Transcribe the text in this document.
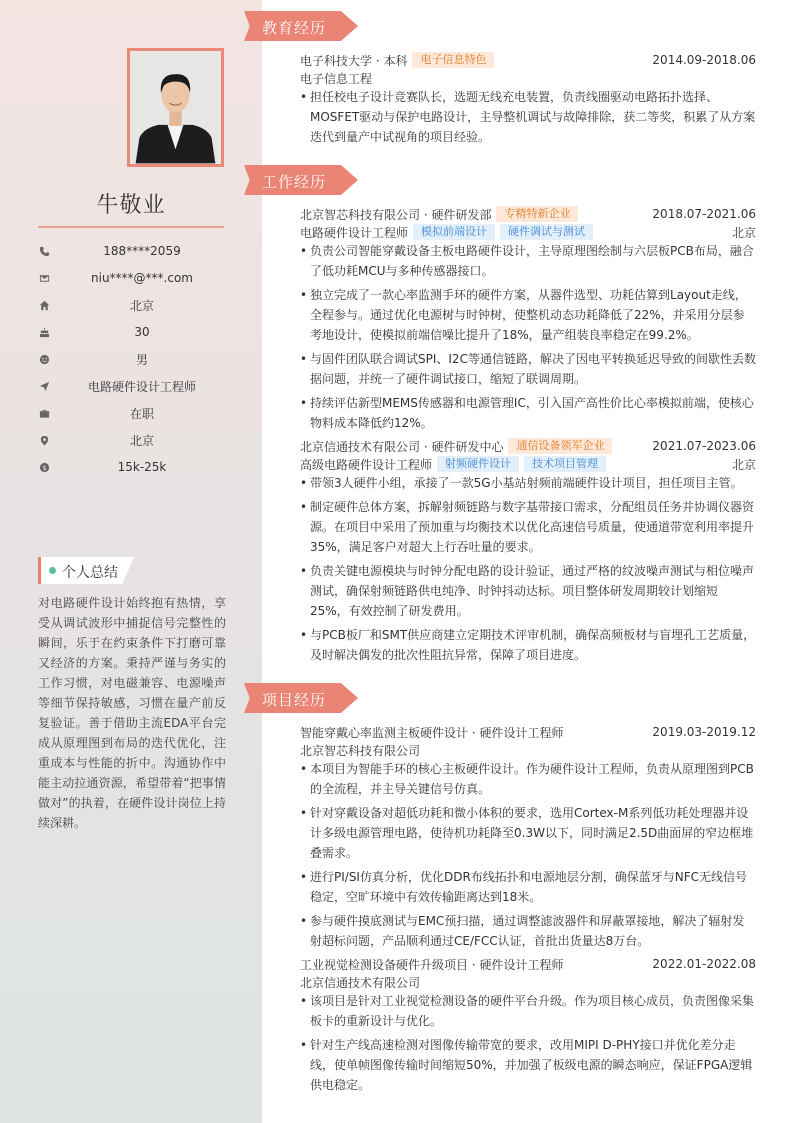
牛敬业
188****2059
niu****@***.com
北京
30
男
电路硬件设计工程师
在职
北京
$	15k-25k
个人总结
对电路硬件设计始终抱有热情，享受从调试波形中捕捉信号完整性的瞬间，乐于在约束条件下打磨可靠又经济的方案。秉持严谨与务实的工作习惯，对电磁兼容、电源噪声等细节保持敏感，习惯在量产前反复验证。善于借助主流EDA平台完成从原理图到布局的迭代优化，注重成本与性能的折中。沟通协作中能主动拉通资源，希望带着“把事情做对”的执着，在硬件设计岗位上持续深耕。
教育经历
电子科技大学 · 本科	电子信息特色	2014.09-2018.06
电子信息工程
• 担任校电子设计竞赛队长，选题无线充电装置，负责线圈驱动电路拓扑选择、MOSFET驱动与保护电路设计，主导整机调试与故障排除，获二等奖，积累了从方案迭代到量产中试视角的项目经验。
工作经历
北京智芯科技有限公司 · 硬件研发部	专精特新企业	2018.07-2021.06
电路硬件设计工程师	模拟前端设计	硬件调试与测试	北京
• 负责公司智能穿戴设备主板电路硬件设计，主导原理图绘制与六层板PCB布局，融合了低功耗MCU与多种传感器接口。
• 独立完成了一款心率监测手环的硬件方案，从器件选型、功耗估算到Layout走线，全程参与。通过优化电源树与时钟树，使整机动态功耗降低了22%，并采用分层参考地设计，使模拟前端信噪比提升了18%，量产组装良率稳定在99.2%。
• 与固件团队联合调试SPI、I2C等通信链路，解决了因电平转换延迟导致的间歇性丢数据问题，并统一了硬件调试接口，缩短了联调周期。
• 持续评估新型MEMS传感器和电源管理IC，引入国产高性价比心率模拟前端，使核心物料成本降低约12%。
北京信通技术有限公司 · 硬件研发中心	通信设备领军企业	2021.07-2023.06
高级电路硬件设计工程师	射频硬件设计	技术项目管理	北京
• 带领3人硬件小组，承接了一款5G小基站射频前端硬件设计项目，担任项目主管。
• 制定硬件总体方案，拆解射频链路与数字基带接口需求，分配组员任务并协调仪器资源。在项目中采用了预加重与均衡技术以优化高速信号质量，使通道带宽利用率提升35%，满足客户对超大上行吞吐量的要求。
• 负责关键电源模块与时钟分配电路的设计验证，通过严格的纹波噪声测试与相位噪声测试，确保射频链路供电纯净、时钟抖动达标。项目整体研发周期较计划缩短25%，有效控制了研发费用。
• 与PCB板厂和SMT供应商建立定期技术评审机制，确保高频板材与盲埋孔工艺质量，及时解决偶发的批次性阻抗异常，保障了项目进度。
项目经历
智能穿戴心率监测主板硬件设计 · 硬件设计工程师	2019.03-2019.12
北京智芯科技有限公司
• 本项目为智能手环的核心主板硬件设计。作为硬件设计工程师，负责从原理图到PCB的全流程，并主导关键信号仿真。
• 针对穿戴设备对超低功耗和微小体积的要求，选用Cortex-M系列低功耗处理器并设计多级电源管理电路，使待机功耗降至0.3W以下，同时满足2.5D曲面屏的窄边框堆叠需求。
• 进行PI/SI仿真分析，优化DDR布线拓扑和电源地层分割，确保蓝牙与NFC无线信号稳定，空旷环境中有效传输距离达到18米。
• 参与硬件摸底测试与EMC预扫描，通过调整滤波器件和屏蔽罩接地，解决了辐射发射超标问题，产品顺利通过CE/FCC认证，首批出货量达8万台。
工业视觉检测设备硬件升级项目 · 硬件设计工程师	2022.01-2022.08
北京信通技术有限公司
• 该项目是针对工业视觉检测设备的硬件平台升级。作为项目核心成员，负责图像采集板卡的重新设计与优化。
• 针对生产线高速检测对图像传输带宽的要求，改用MIPI D-PHY接口并优化差分走线，使单帧图像传输时间缩短50%，并加强了板级电源的瞬态响应，保证FPGA逻辑供电稳定。
